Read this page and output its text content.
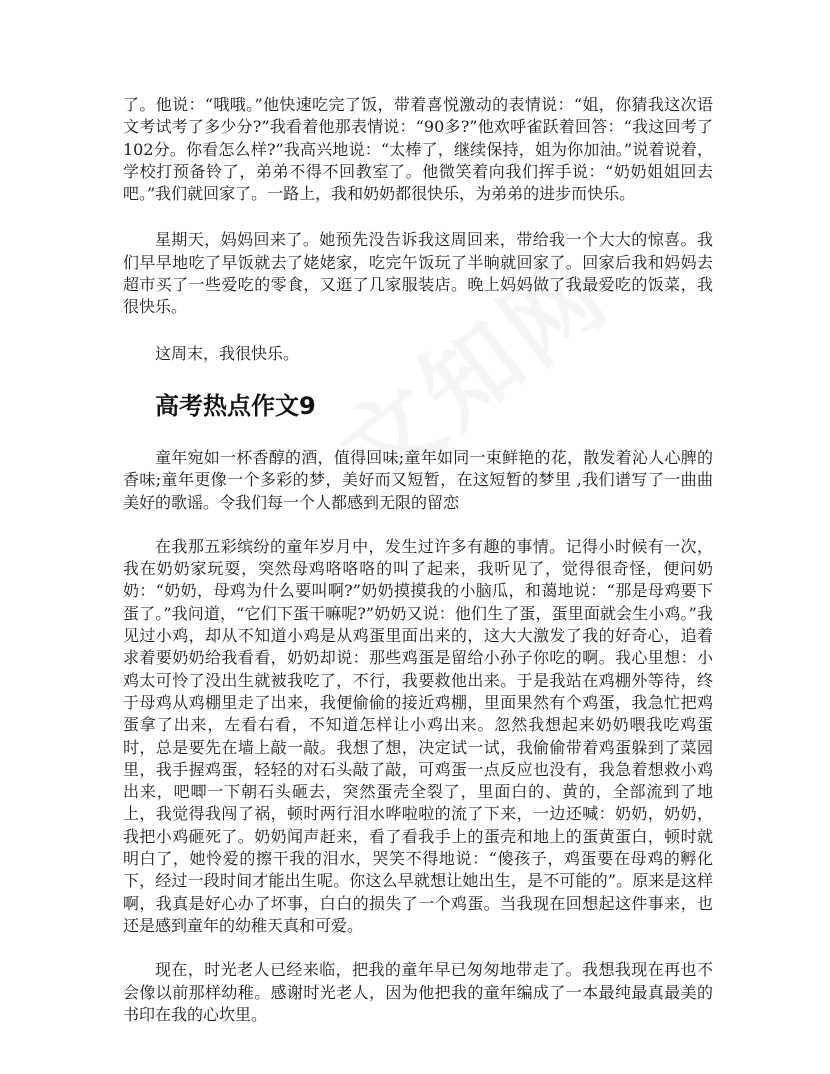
了。他说：“哦哦。”他快速吃完了饭，带着喜悦激动的表情说：“姐，你猜我这次语文考试考了多少分?”我看着他那表情说：“90多?”他欢呼雀跃着回答：“我这回考了102分。你看怎么样?”我高兴地说：“太棒了，继续保持，姐为你加油。”说着说着，学校打预备铃了，弟弟不得不回教室了。他微笑着向我们挥手说：“奶奶姐姐回去吧。”我们就回家了。一路上，我和奶奶都很快乐，为弟弟的进步而快乐。

星期天，妈妈回来了。她预先没告诉我这周回来，带给我一个大大的惊喜。我们早早地吃了早饭就去了姥姥家，吃完午饭玩了半晌就回家了。回家后我和妈妈去超市买了一些爱吃的零食，又逛了几家服装店。晚上妈妈做了我最爱吃的饭菜，我很快乐。

这周末，我很快乐。

高考热点作文9

童年宛如一杯香醇的酒，值得回味;童年如同一束鲜艳的花，散发着沁人心脾的香味;童年更像一个多彩的梦，美好而又短暂，在这短暂的梦里 ,我们谱写了一曲曲美好的歌谣。令我们每一个人都感到无限的留恋

在我那五彩缤纷的童年岁月中，发生过许多有趣的事情。记得小时候有一次，我在奶奶家玩耍，突然母鸡咯咯咯的叫了起来，我听见了，觉得很奇怪，便问奶奶：“奶奶，母鸡为什么要叫啊?”奶奶摸摸我的小脑瓜，和蔼地说：“那是母鸡要下蛋了。”我问道，“它们下蛋干嘛呢?”奶奶又说：他们生了蛋，蛋里面就会生小鸡。”我见过小鸡，却从不知道小鸡是从鸡蛋里面出来的，这大大激发了我的好奇心，追着求着要奶奶给我看看，奶奶却说：那些鸡蛋是留给小孙子你吃的啊。我心里想：小鸡太可怜了没出生就被我吃了，不行，我要救他出来。于是我站在鸡棚外等待，终于母鸡从鸡棚里走了出来，我便偷偷的接近鸡棚，里面果然有个鸡蛋，我急忙把鸡蛋拿了出来，左看右看，不知道怎样让小鸡出来。忽然我想起来奶奶喂我吃鸡蛋时，总是要先在墙上敲一敲。我想了想，决定试一试，我偷偷带着鸡蛋躲到了菜园里，我手握鸡蛋，轻轻的对石头敲了敲，可鸡蛋一点反应也没有，我急着想救小鸡出来，吧唧一下朝石头砸去，突然蛋壳全裂了，里面白的、黄的，全部流到了地上，我觉得我闯了祸，顿时两行泪水哗啦啦的流了下来，一边还喊：奶奶，奶奶，我把小鸡砸死了。奶奶闻声赶来，看了看我手上的蛋壳和地上的蛋黄蛋白，顿时就明白了，她怜爱的擦干我的泪水，哭笑不得地说：“傻孩子，鸡蛋要在母鸡的孵化下，经过一段时间才能出生呢。你这么早就想让她出生，是不可能的”。原来是这样啊，我真是好心办了坏事，白白的损失了一个鸡蛋。当我现在回想起这件事来，也还是感到童年的幼稚天真和可爱。

现在，时光老人已经来临，把我的童年早已匆匆地带走了。我想我现在再也不会像以前那样幼稚。感谢时光老人，因为他把我的童年编成了一本最纯最真最美的书印在我的心坎里。
